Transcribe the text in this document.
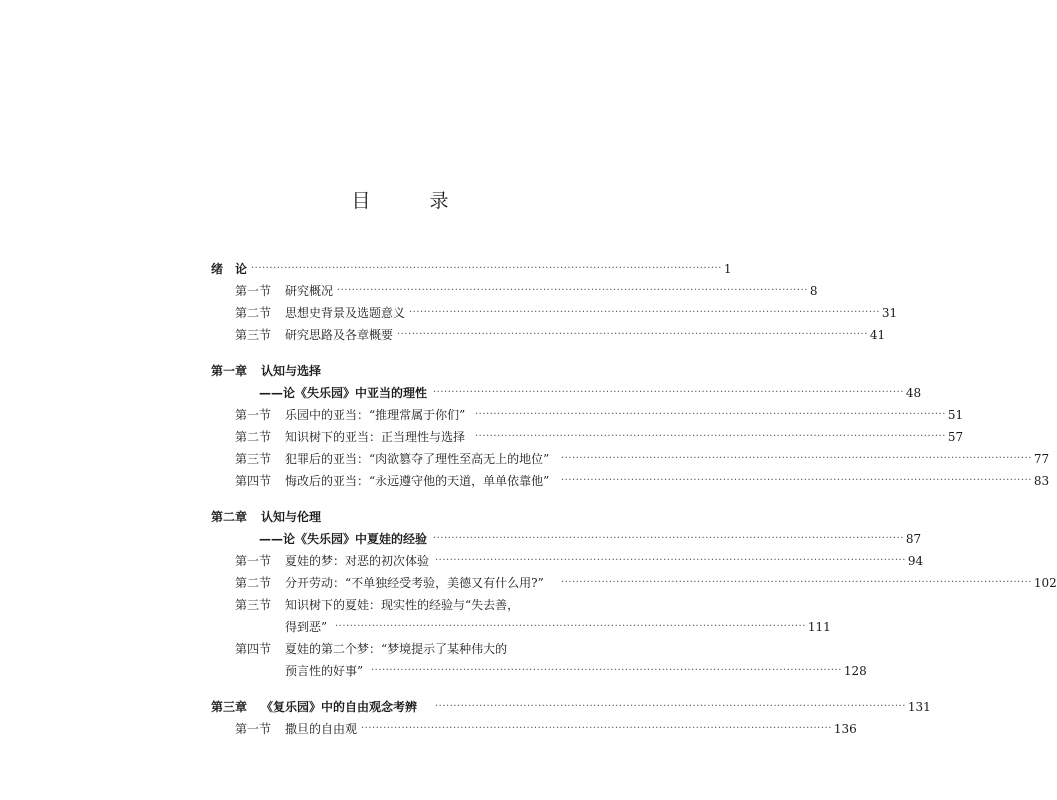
目　录
绪　论 ································································································································ 1
第一节	研究概况 ································································································································ 8
第二节	思想史背景及选题意义 ································································································································ 31
第三节	研究思路及各章概要 ································································································································ 41
第一章	认知与选择
——论《失乐园》中亚当的理性 ································································································································ 48
第一节	乐园中的亚当：“推理常属于你们” ································································································································ 51
第二节	知识树下的亚当：正当理性与选择 ································································································································ 57
第三节	犯罪后的亚当：“肉欲篡夺了理性至高无上的地位” ································································································································ 77
第四节	悔改后的亚当：“永远遵守他的天道，单单依靠他” ································································································································ 83
第二章	认知与伦理
——论《失乐园》中夏娃的经验 ································································································································ 87
第一节	夏娃的梦：对恶的初次体验 ································································································································ 94
第二节	分开劳动：“不单独经受考验，美德又有什么用?” ································································································································ 102
第三节	知识树下的夏娃：现实性的经验与“失去善，
得到恶” ································································································································ 111
第四节	夏娃的第二个梦：“梦境提示了某种伟大的
预言性的好事” ································································································································ 128
第三章	《复乐园》中的自由观念考辨 ································································································································ 131
第一节	撒旦的自由观 ································································································································ 136
